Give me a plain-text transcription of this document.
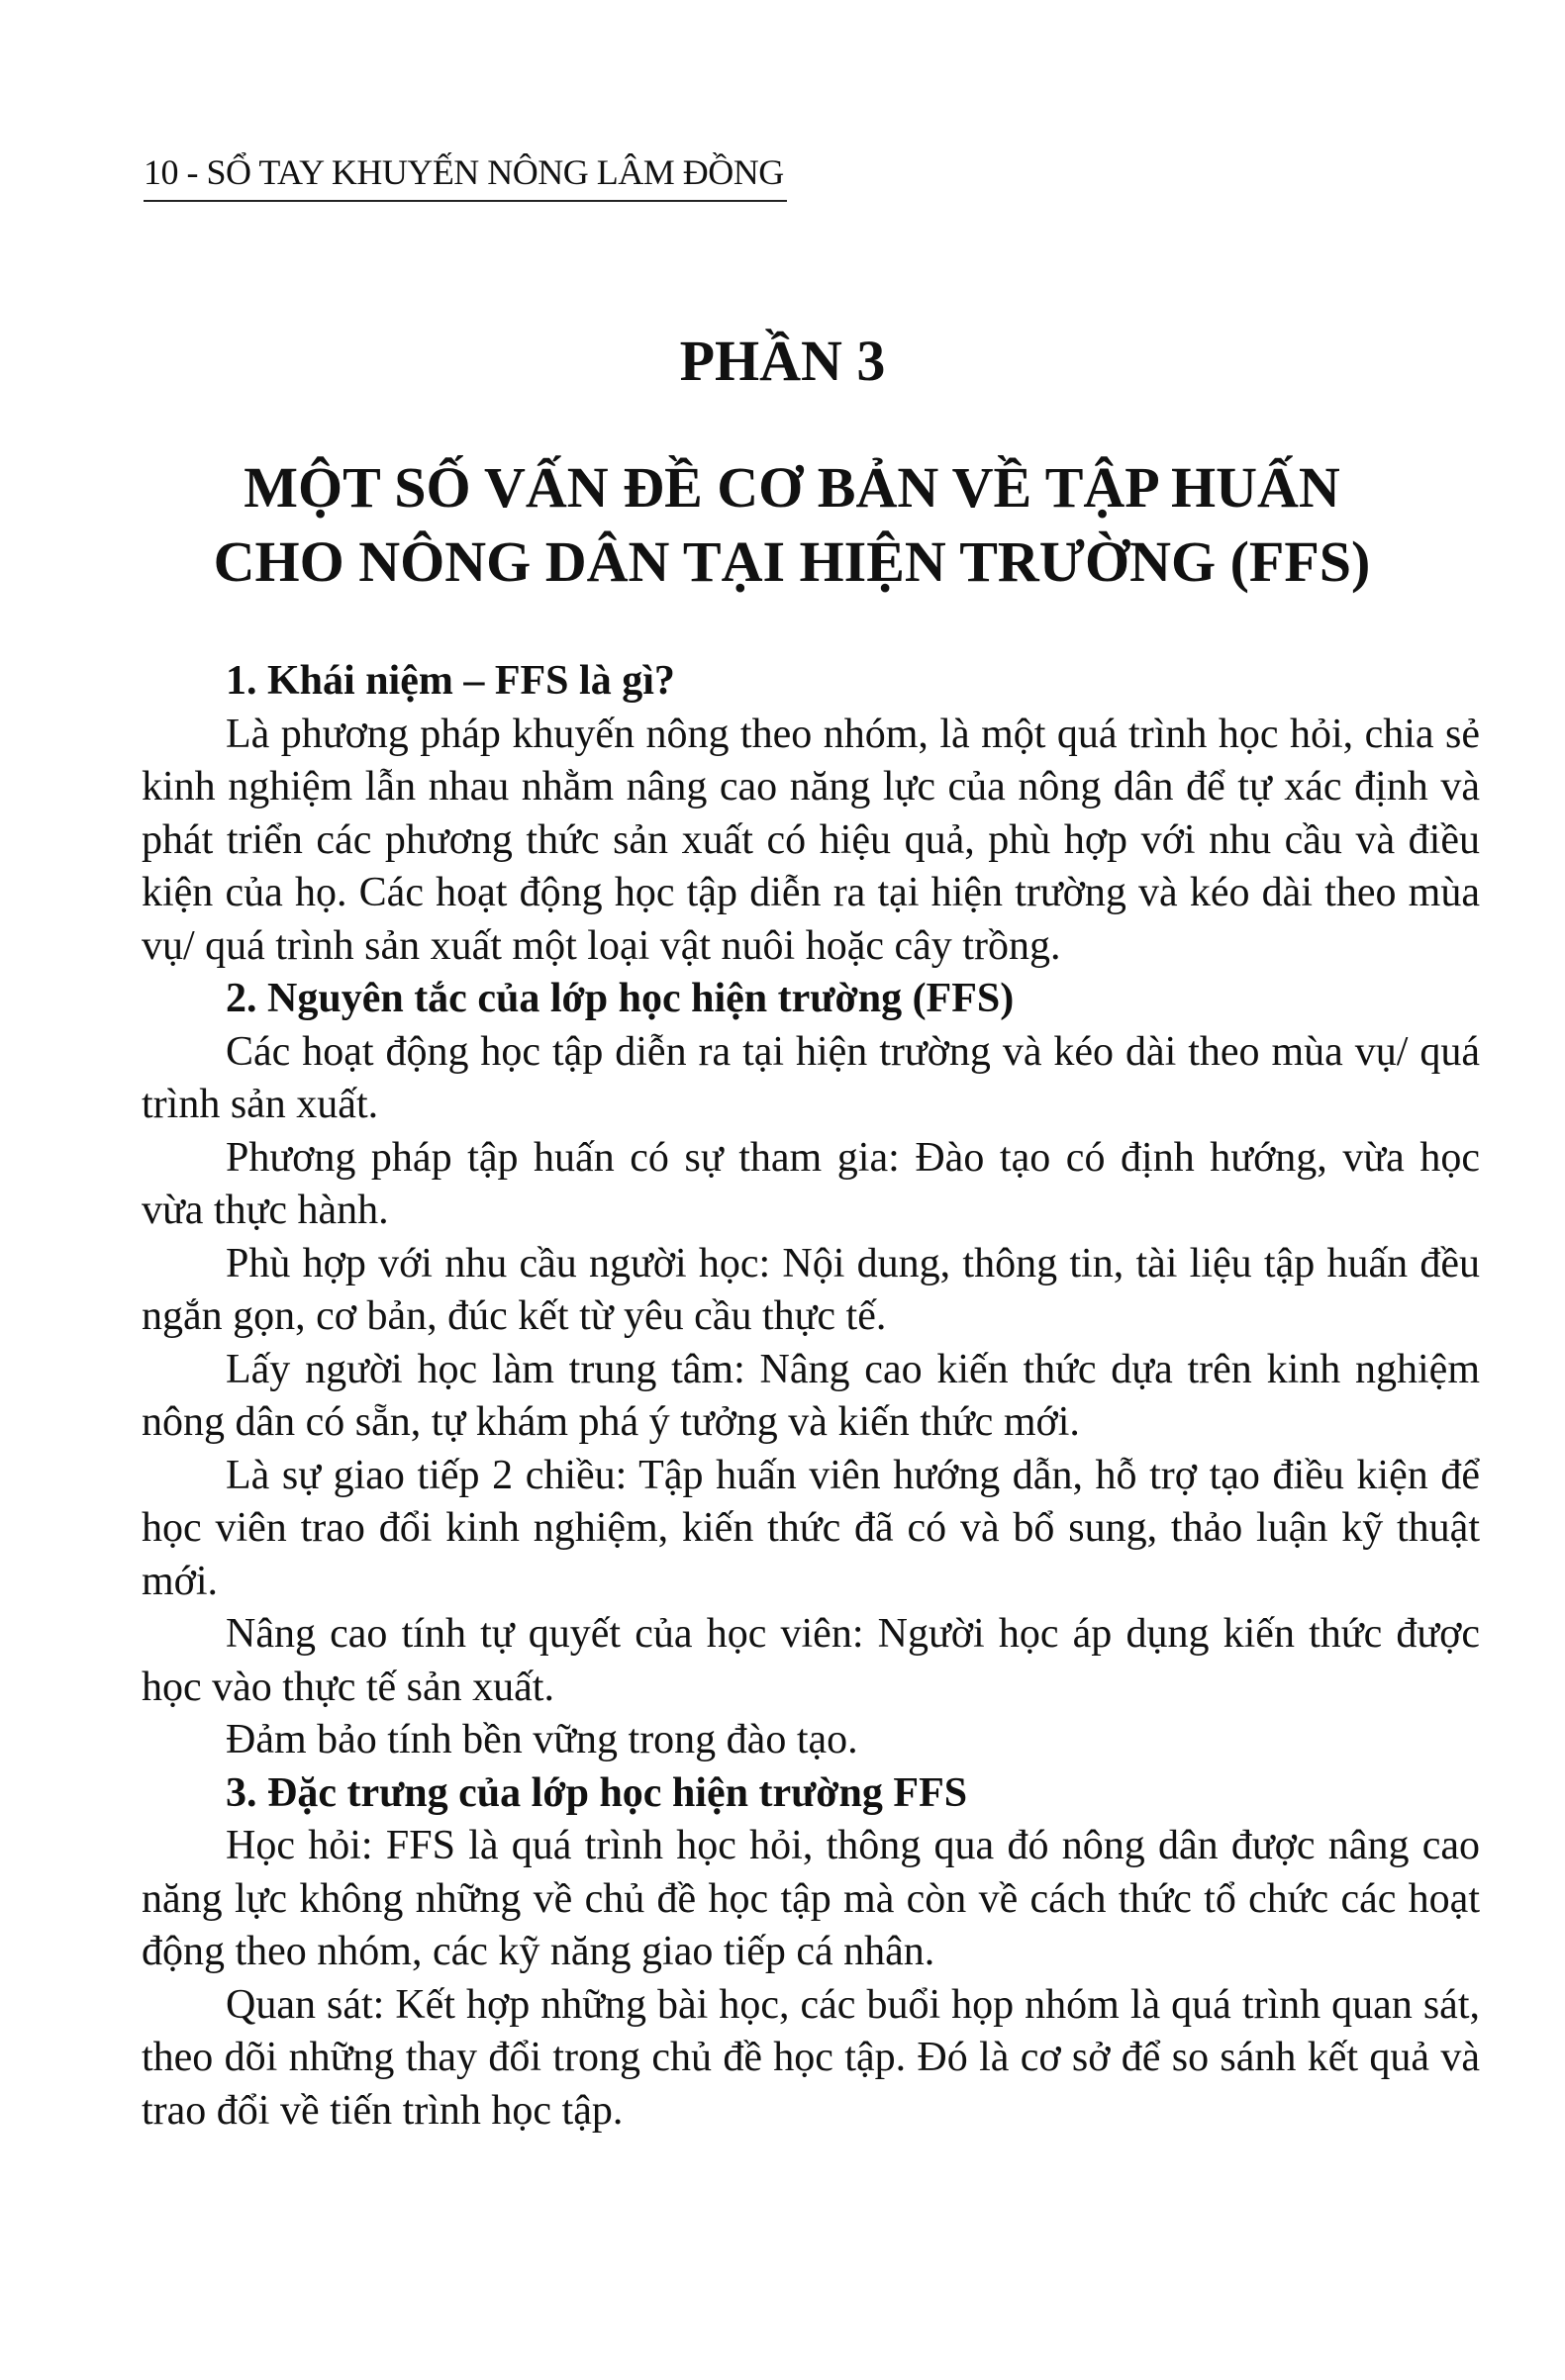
10 - SỔ TAY KHUYẾN NÔNG LÂM ĐỒNG
PHẦN 3
MỘT SỐ VẤN ĐỀ CƠ BẢN VỀ TẬP HUẤN
CHO NÔNG DÂN TẠI HIỆN TRƯỜNG (FFS)
1. Khái niệm – FFS là gì?

Là phương pháp khuyến nông theo nhóm, là một quá trình học hỏi, chia sẻ kinh nghiệm lẫn nhau nhằm nâng cao năng lực của nông dân để tự xác định và phát triển các phương thức sản xuất có hiệu quả, phù hợp với nhu cầu và điều kiện của họ. Các hoạt động học tập diễn ra tại hiện trường và kéo dài theo mùa vụ/ quá trình sản xuất một loại vật nuôi hoặc cây trồng.

2. Nguyên tắc của lớp học hiện trường (FFS)

Các hoạt động học tập diễn ra tại hiện trường và kéo dài theo mùa vụ/ quá trình sản xuất.

Phương pháp tập huấn có sự tham gia: Đào tạo có định hướng, vừa học vừa thực hành.

Phù hợp với nhu cầu người học: Nội dung, thông tin, tài liệu tập huấn đều ngắn gọn, cơ bản, đúc kết từ yêu cầu thực tế.

Lấy người học làm trung tâm: Nâng cao kiến thức dựa trên kinh nghiệm nông dân có sẵn, tự khám phá ý tưởng và kiến thức mới.

Là sự giao tiếp 2 chiều: Tập huấn viên hướng dẫn, hỗ trợ tạo điều kiện để học viên trao đổi kinh nghiệm, kiến thức đã có và bổ sung, thảo luận kỹ thuật mới.

Nâng cao tính tự quyết của học viên: Người học áp dụng kiến thức được học vào thực tế sản xuất.

Đảm bảo tính bền vững trong đào tạo.

3. Đặc trưng của lớp học hiện trường FFS

Học hỏi: FFS là quá trình học hỏi, thông qua đó nông dân được nâng cao năng lực không những về chủ đề học tập mà còn về cách thức tổ chức các hoạt động theo nhóm, các kỹ năng giao tiếp cá nhân.

Quan sát: Kết hợp những bài học, các buổi họp nhóm là quá trình quan sát, theo dõi những thay đổi trong chủ đề học tập. Đó là cơ sở để so sánh kết quả và trao đổi về tiến trình học tập.
